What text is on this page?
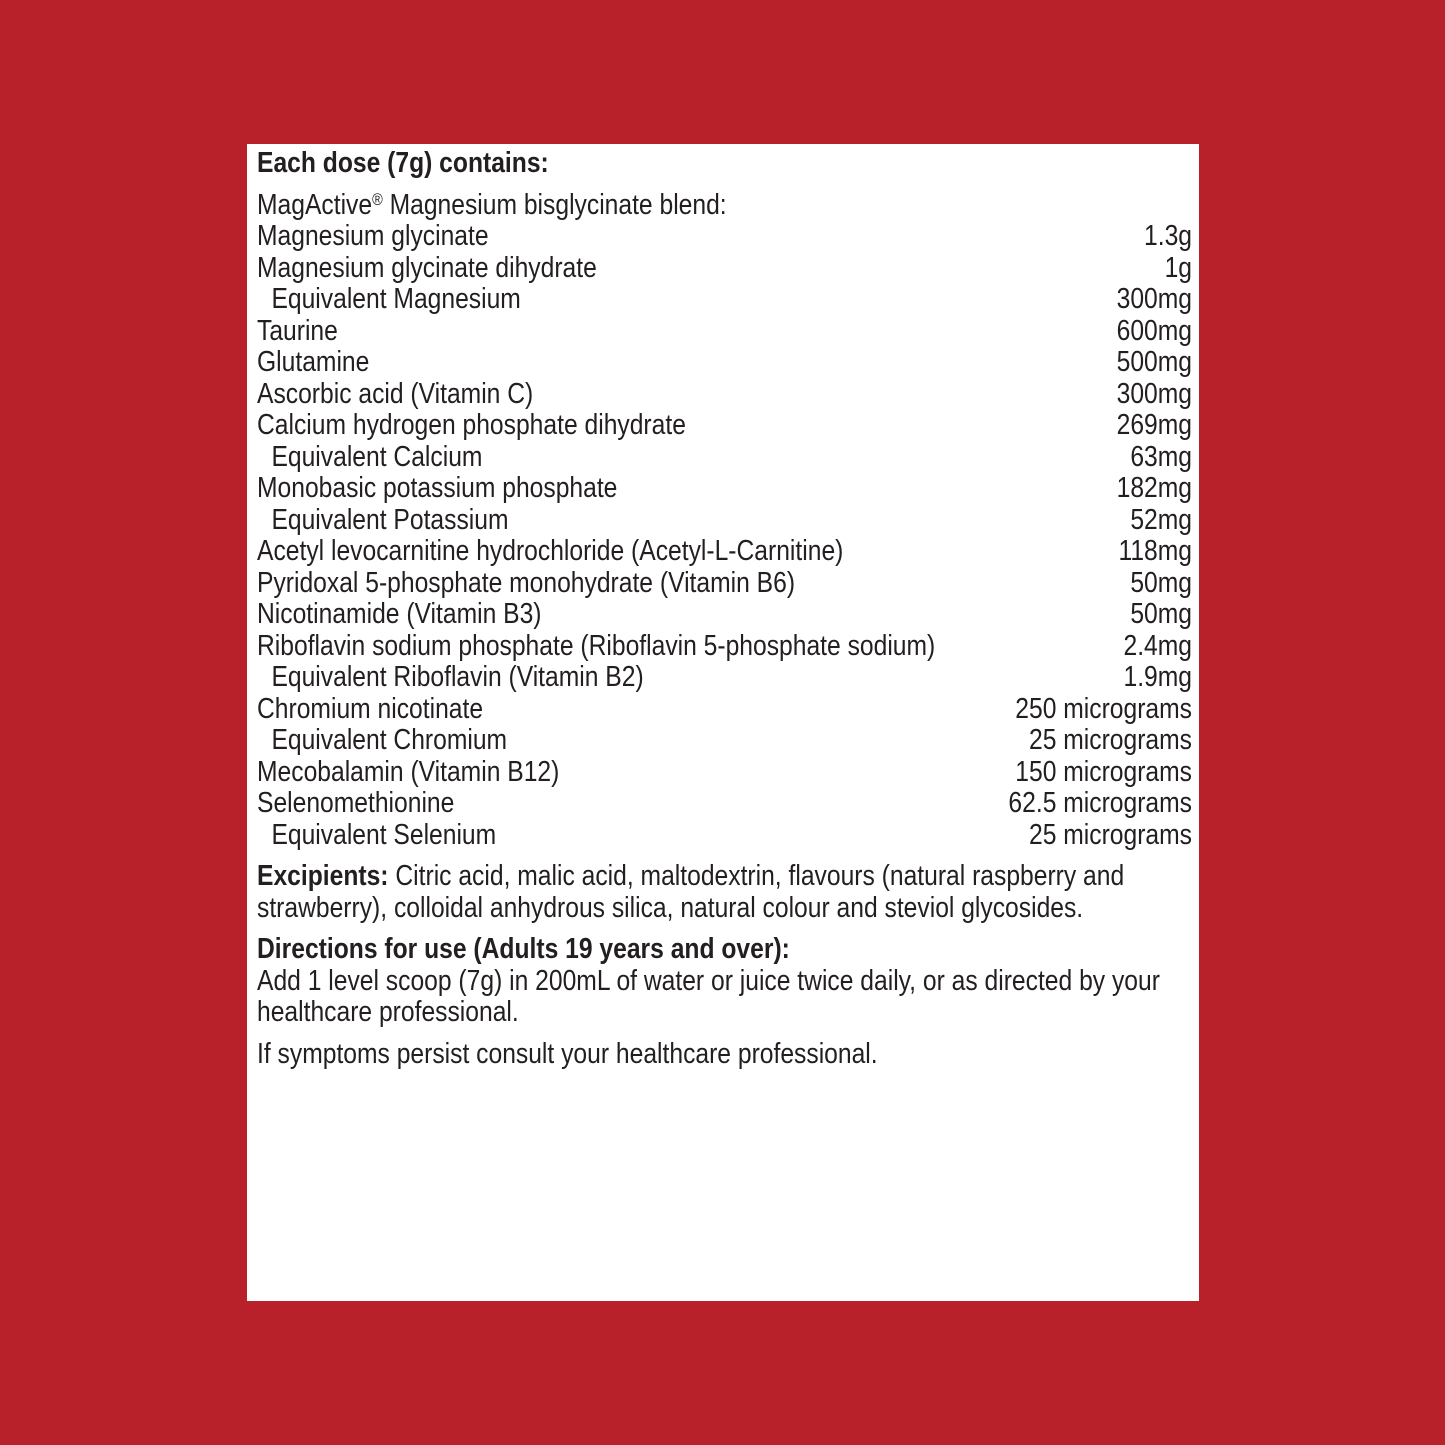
Each dose (7g) contains:
MagActive® Magnesium bisglycinate blend:
Magnesium glycinate	1.3g
Magnesium glycinate dihydrate	1g
Equivalent Magnesium	300mg
Taurine	600mg
Glutamine	500mg
Ascorbic acid (Vitamin C)	300mg
Calcium hydrogen phosphate dihydrate	269mg
Equivalent Calcium	63mg
Monobasic potassium phosphate	182mg
Equivalent Potassium	52mg
Acetyl levocarnitine hydrochloride (Acetyl-L-Carnitine)	118mg
Pyridoxal 5-phosphate monohydrate (Vitamin B6)	50mg
Nicotinamide (Vitamin B3)	50mg
Riboflavin sodium phosphate (Riboflavin 5-phosphate sodium)	2.4mg
Equivalent Riboflavin (Vitamin B2)	1.9mg
Chromium nicotinate	250 micrograms
Equivalent Chromium	25 micrograms
Mecobalamin (Vitamin B12)	150 micrograms
Selenomethionine	62.5 micrograms
Equivalent Selenium	25 micrograms
Excipients: Citric acid, malic acid, maltodextrin, flavours (natural raspberry and strawberry), colloidal anhydrous silica, natural colour and steviol glycosides.
Directions for use (Adults 19 years and over):
Add 1 level scoop (7g) in 200mL of water or juice twice daily, or as directed by your healthcare professional.
If symptoms persist consult your healthcare professional.
